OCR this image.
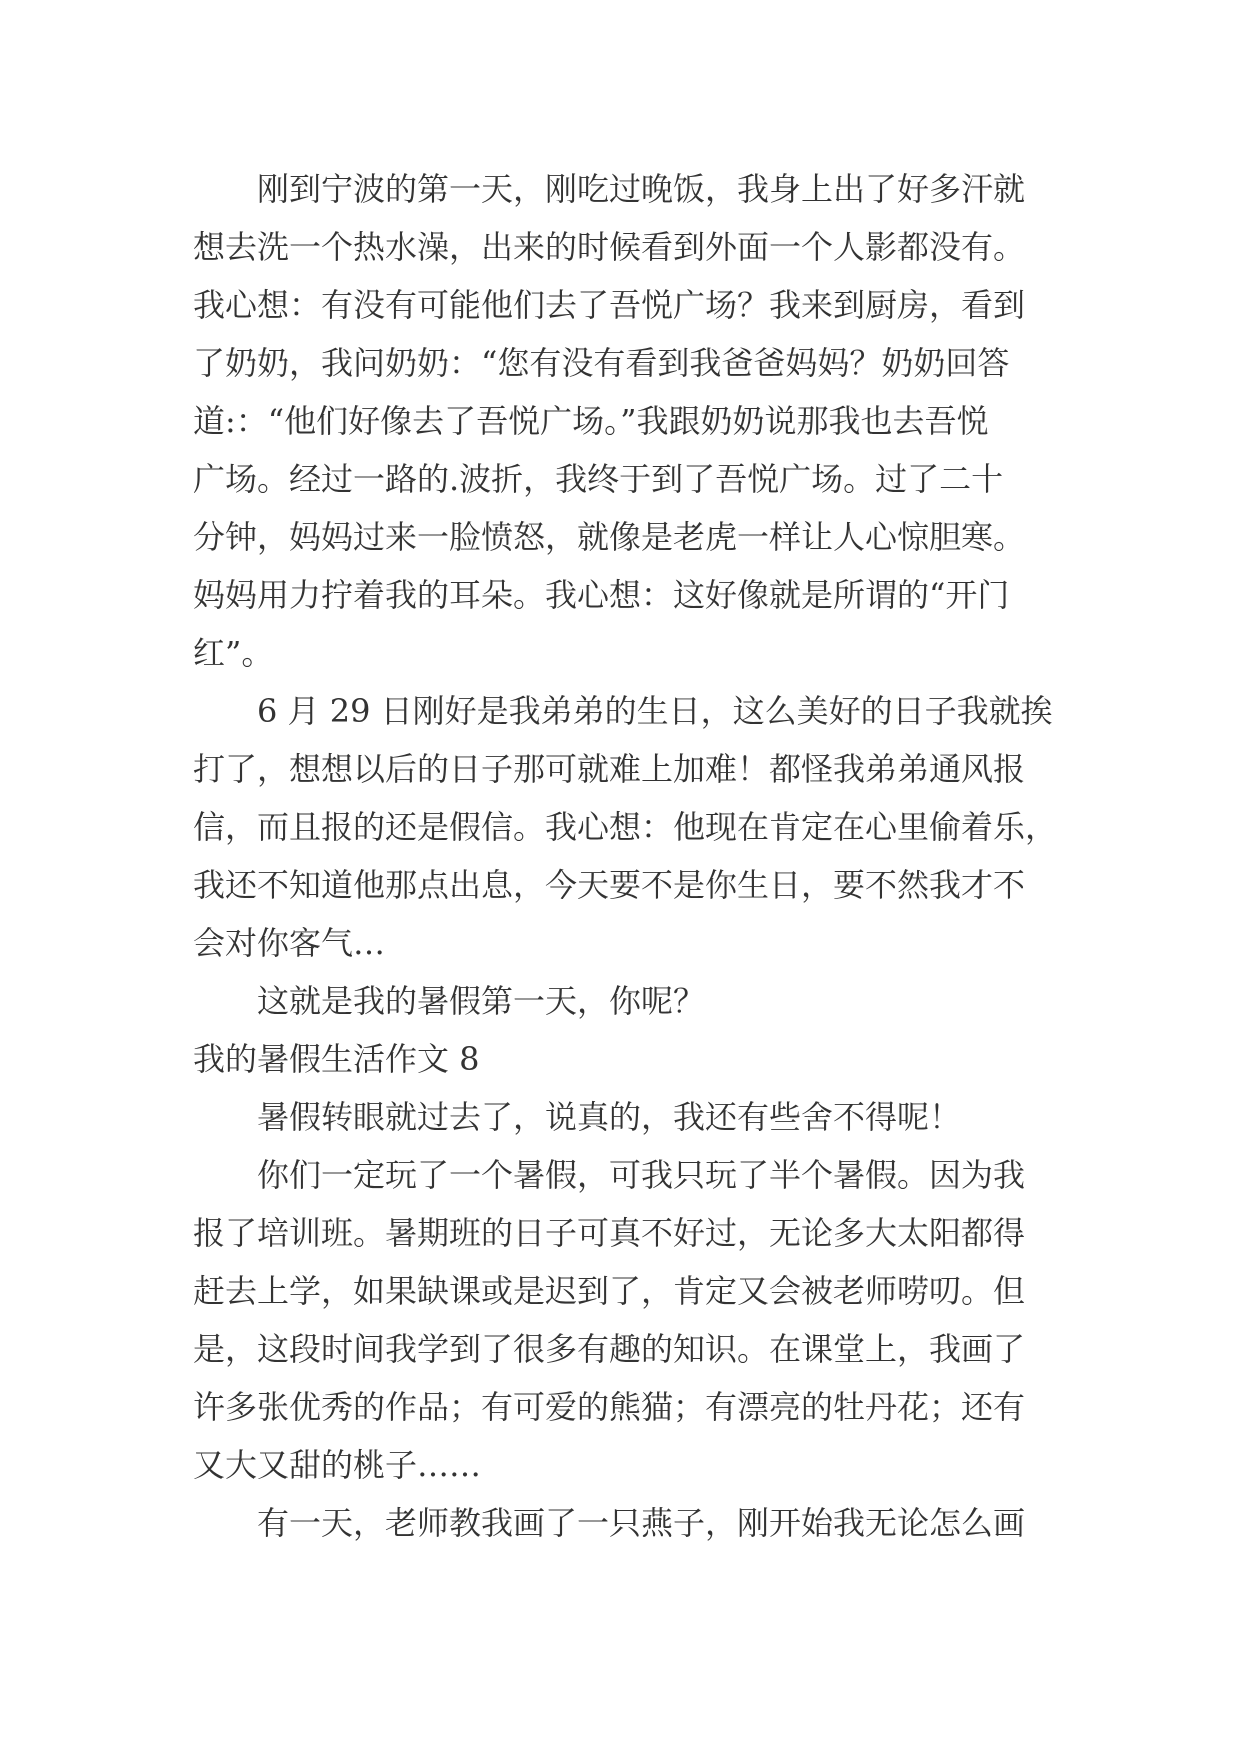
刚到宁波的第一天，刚吃过晚饭，我身上出了好多汗就
想去洗一个热水澡，出来的时候看到外面一个人影都没有。
我心想：有没有可能他们去了吾悦广场？我来到厨房，看到
了奶奶，我问奶奶：“您有没有看到我爸爸妈妈？奶奶回答
道:：“他们好像去了吾悦广场。”我跟奶奶说那我也去吾悦
广场。经过一路的.波折，我终于到了吾悦广场。过了二十
分钟，妈妈过来一脸愤怒，就像是老虎一样让人心惊胆寒。
妈妈用力拧着我的耳朵。我心想：这好像就是所谓的“开门
红”。
6 月 29 日刚好是我弟弟的生日，这么美好的日子我就挨
打了，想想以后的日子那可就难上加难！都怪我弟弟通风报
信，而且报的还是假信。我心想：他现在肯定在心里偷着乐，
我还不知道他那点出息，今天要不是你生日，要不然我才不
会对你客气…
这就是我的暑假第一天，你呢？
我的暑假生活作文 8
暑假转眼就过去了，说真的，我还有些舍不得呢！
你们一定玩了一个暑假，可我只玩了半个暑假。因为我
报了培训班。暑期班的日子可真不好过，无论多大太阳都得
赶去上学，如果缺课或是迟到了，肯定又会被老师唠叨。但
是，这段时间我学到了很多有趣的知识。在课堂上，我画了
许多张优秀的作品；有可爱的熊猫；有漂亮的牡丹花；还有
又大又甜的桃子……
有一天，老师教我画了一只燕子，刚开始我无论怎么画
